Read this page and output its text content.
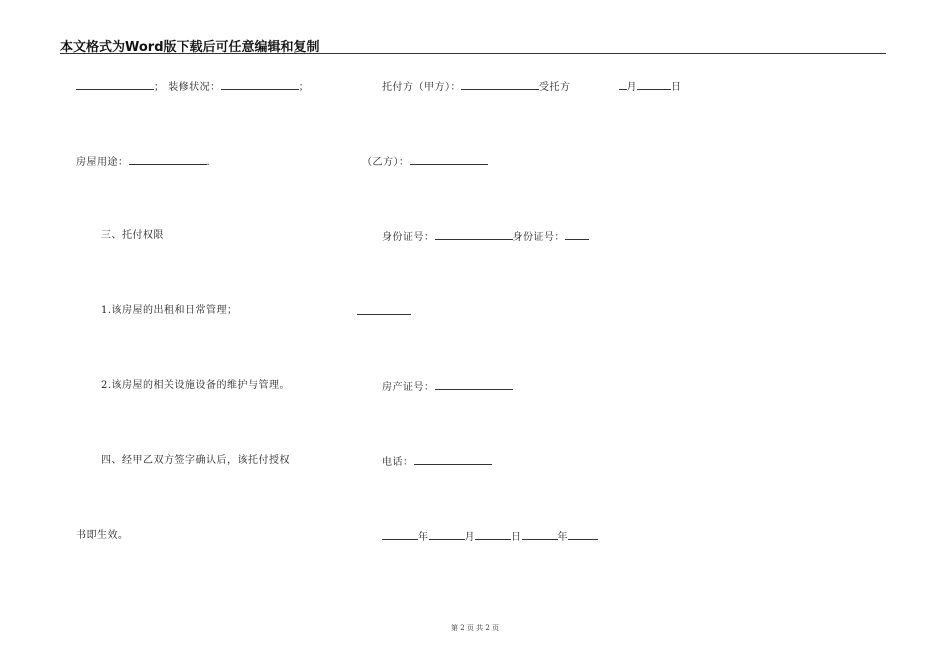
本文格式为Word版下载后可任意编辑和复制
； 装修状况：	；
房屋用途：	.
三、托付权限
1.该房屋的出租和日常管理；
2.该房屋的相关设施设备的维护与管理。
四、经甲乙双方签字确认后，该托付授权
书即生效。
托付方（甲方）：	受托方	月	日
（乙方）：
身份证号：	身份证号：
房产证号：
电话：
年	月	日	年
第 2 页 共 2 页
